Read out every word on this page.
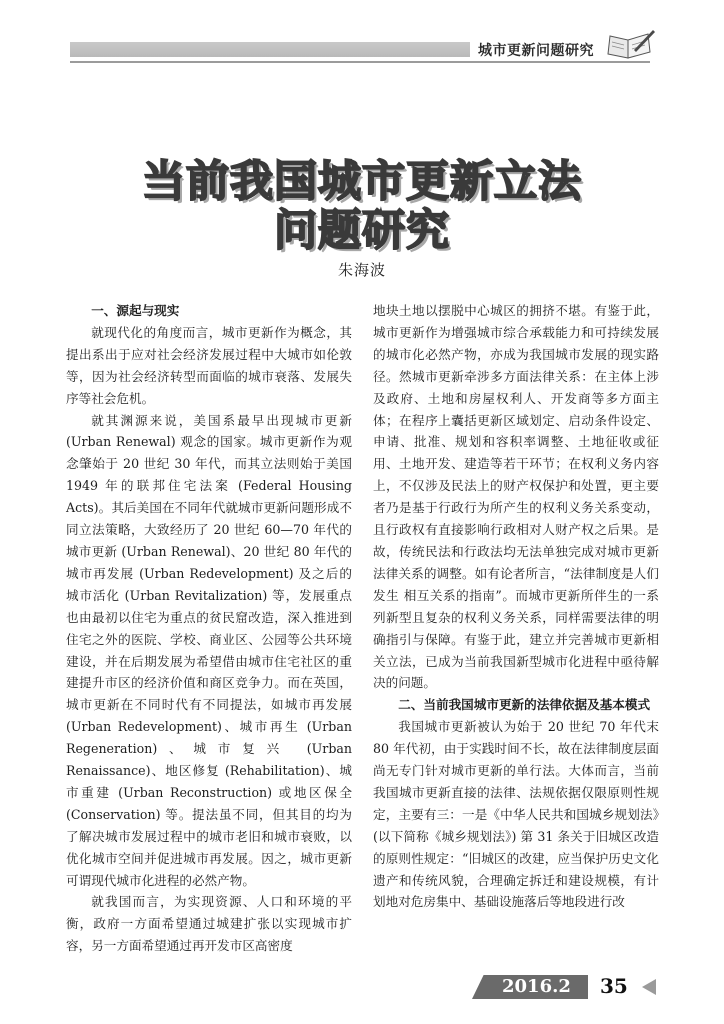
城市更新问题研究
当前我国城市更新立法
问题研究
朱海波
一、源起与现实

就现代化的角度而言，城市更新作为概念，其提出系出于应对社会经济发展过程中大城市如伦敦等，因为社会经济转型而面临的城市衰落、发展失序等社会危机。

就其渊源来说，美国系最早出现城市更新(Urban Renewal) 观念的国家。城市更新作为观念肇始于 20 世纪 30 年代，而其立法则始于美国 1949 年的联邦住宅法案 (Federal Housing Acts)。其后美国在不同年代就城市更新问题形成不同立法策略，大致经历了 20 世纪 60—70 年代的城市更新 (Urban Renewal)、20 世纪 80 年代的城市再发展 (Urban Redevelopment) 及之后的城市活化 (Urban Revitalization) 等，发展重点也由最初以住宅为重点的贫民窟改造，深入推进到住宅之外的医院、学校、商业区、公园等公共环境建设，并在后期发展为希望借由城市住宅社区的重建提升市区的经济价值和商区竞争力。而在英国，城市更新在不同时代有不同提法，如城市再发展 (Urban Redevelopment)、城市再生 (Urban Regeneration)、城市复兴 (Urban Renaissance)、地区修复 (Rehabilitation)、城市重建 (Urban Reconstruction) 或地区保全 (Conservation) 等。提法虽不同，但其目的均为了解决城市发展过程中的城市老旧和城市衰败，以优化城市空间并促进城市再发展。因之，城市更新可谓现代城市化进程的必然产物。

就我国而言，为实现资源、人口和环境的平衡，政府一方面希望通过城建扩张以实现城市扩容，另一方面希望通过再开发市区高密度

地块土地以摆脱中心城区的拥挤不堪。有鉴于此，城市更新作为增强城市综合承载能力和可持续发展的城市化必然产物，亦成为我国城市发展的现实路径。然城市更新牵涉多方面法律关系：在主体上涉及政府、土地和房屋权利人、开发商等多方面主体；在程序上囊括更新区域划定、启动条件设定、申请、批准、规划和容积率调整、土地征收或征用、土地开发、建造等若干环节；在权利义务内容上，不仅涉及民法上的财产权保护和处置，更主要者乃是基于行政行为所产生的权利义务关系变动，且行政权有直接影响行政相对人财产权之后果。是故，传统民法和行政法均无法单独完成对城市更新法律关系的调整。如有论者所言，“法律制度是人们发生 相互关系的指南”。而城市更新所伴生的一系列新型且复杂的权利义务关系，同样需要法律的明确指引与保障。有鉴于此，建立并完善城市更新相关立法，已成为当前我国新型城市化进程中亟待解决的问题。

二、当前我国城市更新的法律依据及基本模式

我国城市更新被认为始于 20 世纪 70 年代末 80 年代初，由于实践时间不长，故在法律制度层面尚无专门针对城市更新的单行法。大体而言，当前我国城市更新直接的法律、法规依据仅限原则性规定，主要有三：一是《中华人民共和国城乡规划法》(以下简称《城乡规划法》) 第 31 条关于旧城区改造的原则性规定：“旧城区的改建，应当保护历史文化遗产和传统风貌，合理确定拆迁和建设规模，有计划地对危房集中、基础设施落后等地段进行改

2016.2 35
